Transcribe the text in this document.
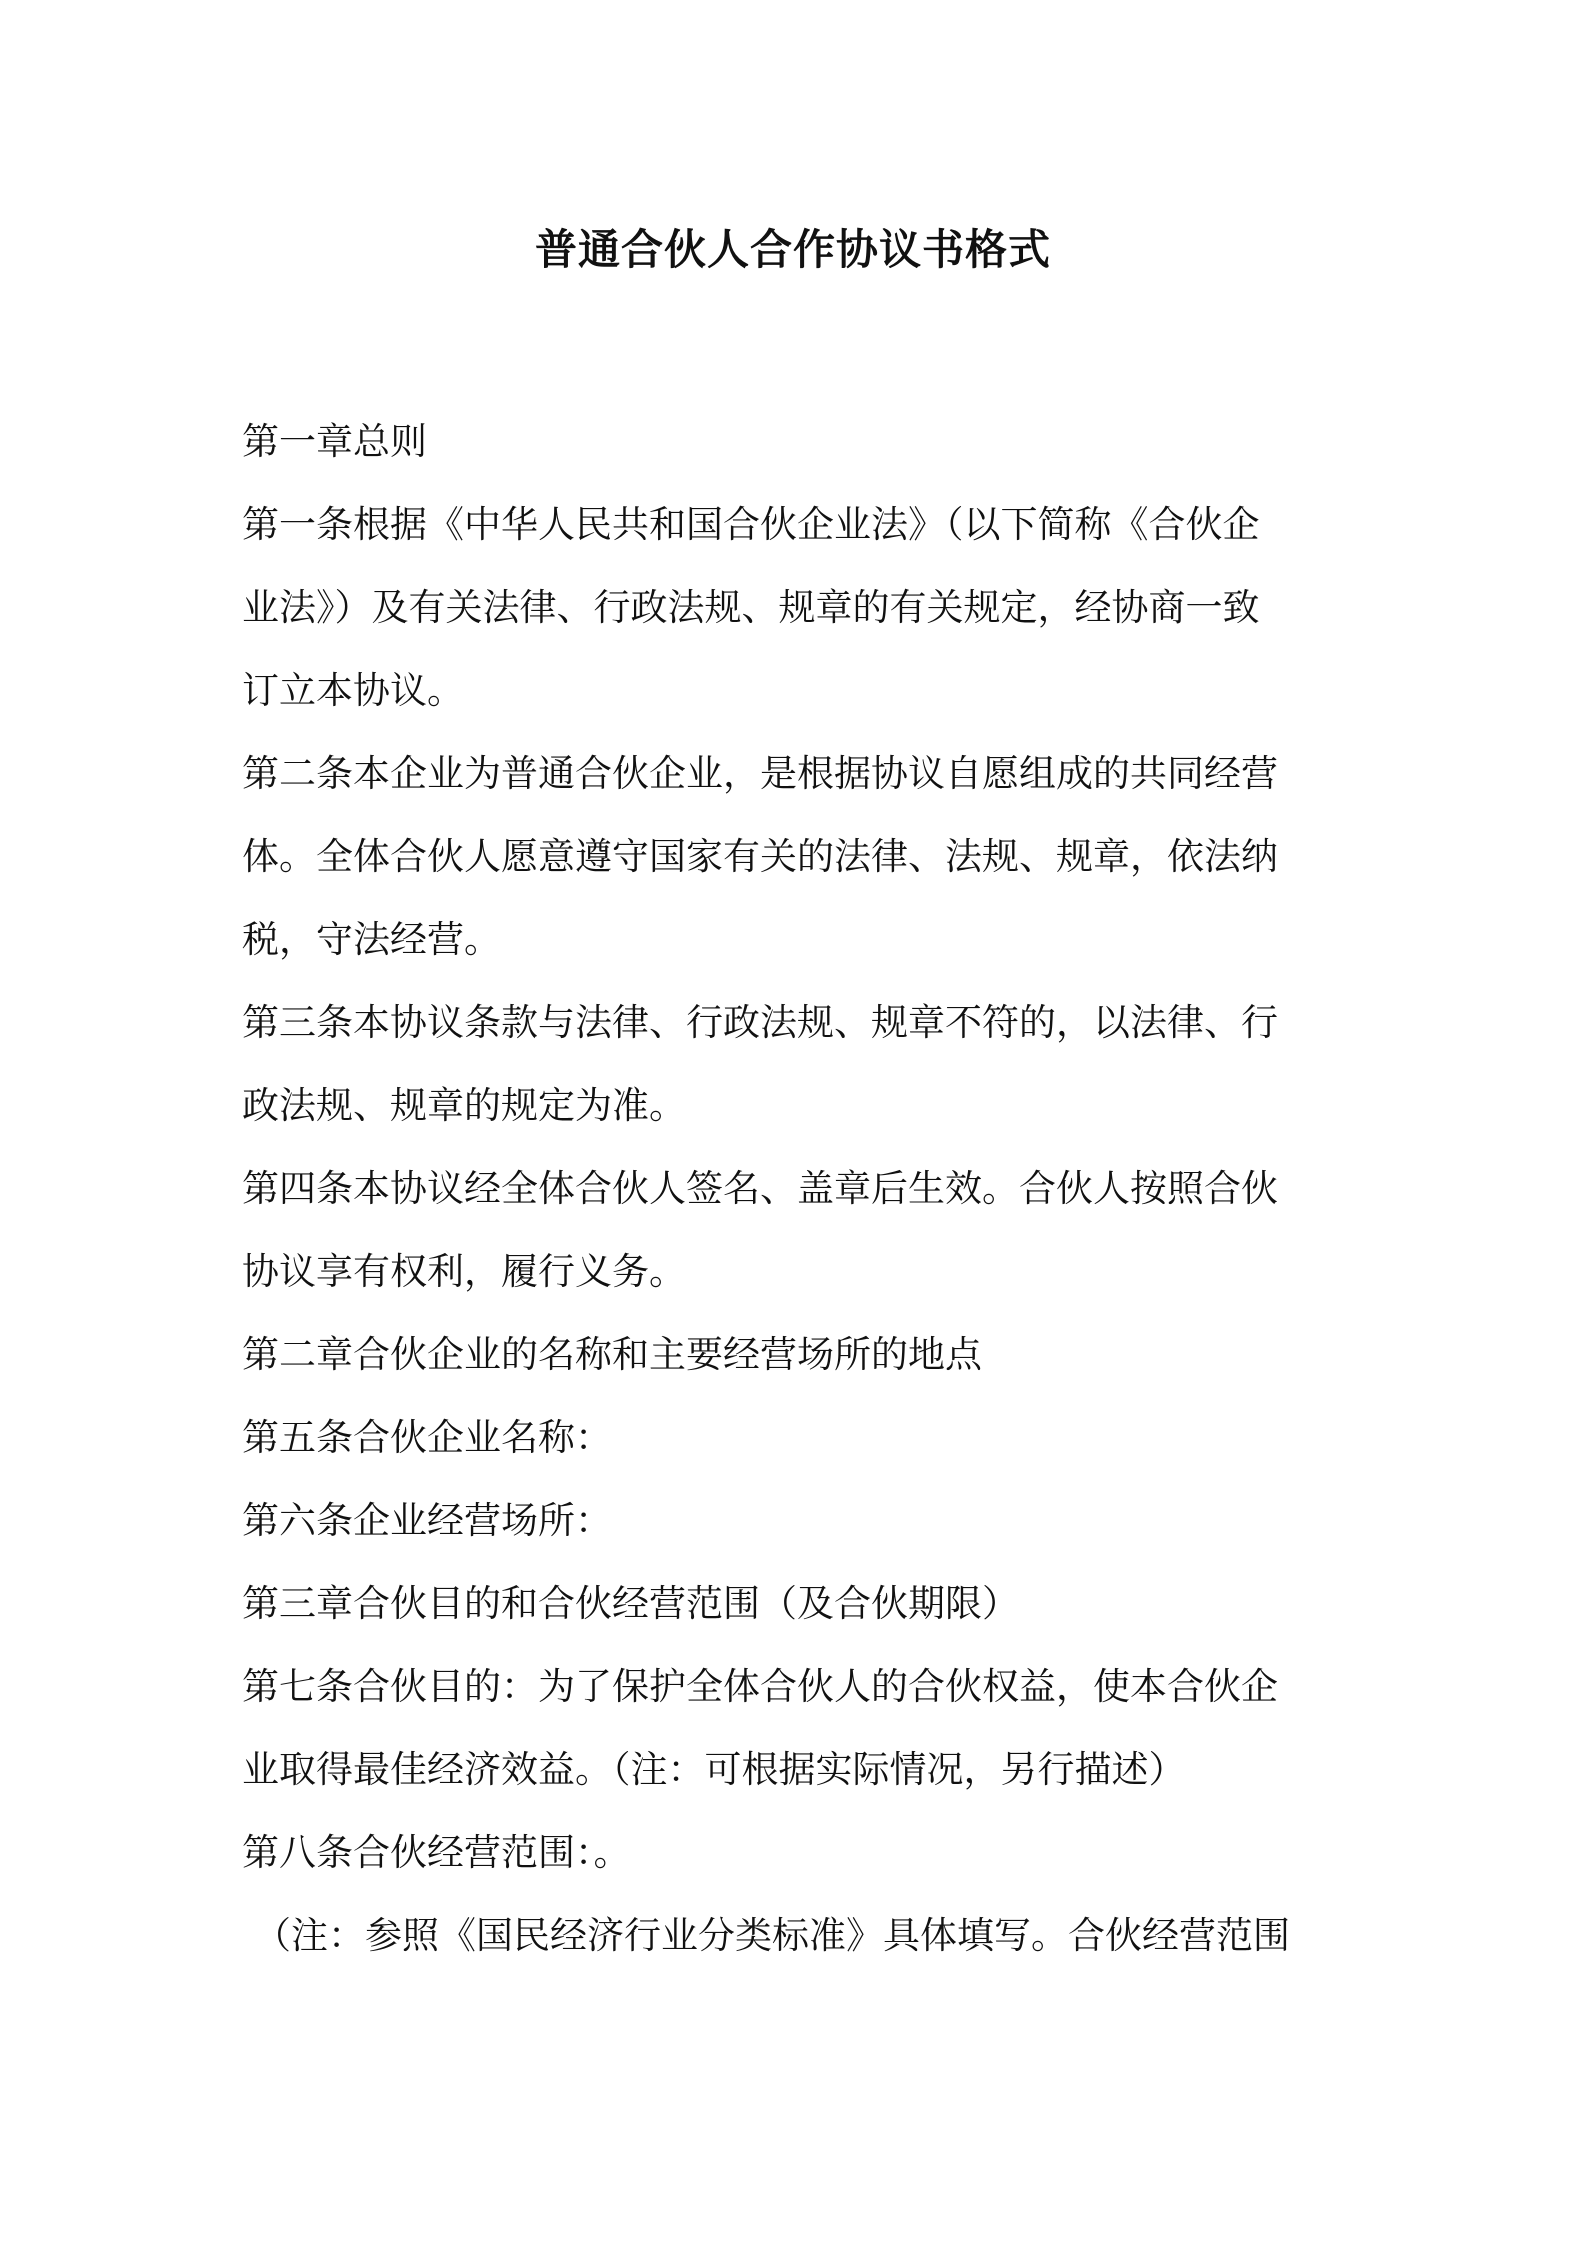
普通合伙人合作协议书格式
第一章总则
第一条根据《中华人民共和国合伙企业法》（以下简称《合伙企
业法》）及有关法律、行政法规、规章的有关规定，经协商一致
订立本协议。
第二条本企业为普通合伙企业，是根据协议自愿组成的共同经营
体。全体合伙人愿意遵守国家有关的法律、法规、规章，依法纳
税，守法经营。
第三条本协议条款与法律、行政法规、规章不符的，以法律、行
政法规、规章的规定为准。
第四条本协议经全体合伙人签名、盖章后生效。合伙人按照合伙
协议享有权利，履行义务。
第二章合伙企业的名称和主要经营场所的地点
第五条合伙企业名称：
第六条企业经营场所：
第三章合伙目的和合伙经营范围（及合伙期限）
第七条合伙目的：为了保护全体合伙人的合伙权益，使本合伙企
业取得最佳经济效益。（注：可根据实际情况，另行描述）
第八条合伙经营范围：。
（注：参照《国民经济行业分类标准》具体填写。合伙经营范围
